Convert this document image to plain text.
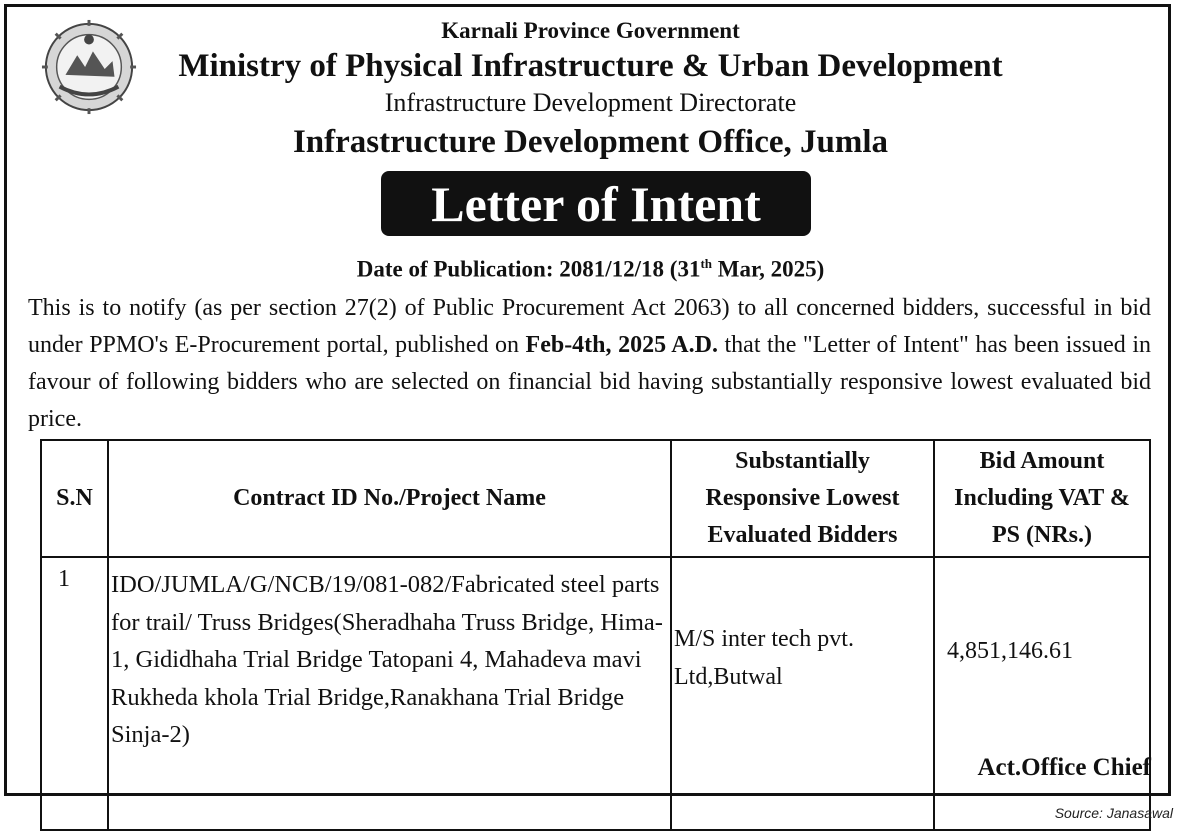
Karnali Province Government
Ministry of Physical Infrastructure & Urban Development
Infrastructure Development Directorate
Infrastructure Development Office, Jumla
Letter of Intent
Date of Publication: 2081/12/18 (31th Mar, 2025)
This is to notify (as per section 27(2) of Public Procurement Act 2063) to all concerned bidders, successful in bid under PPMO's E-Procurement portal, published on Feb-4th, 2025 A.D. that the "Letter of Intent" has been issued in favour of following bidders who are selected on financial bid having substantially responsive lowest evaluated bid price.
S.N	Contract ID No./Project Name	Substantially Responsive Lowest Evaluated Bidders	Bid Amount Including VAT & PS (NRs.)

1	IDO/JUMLA/G/NCB/19/081-082/Fabricated steel parts for trail/ Truss Bridges(Sheradhaha Truss Bridge, Hima-1, Gididhaha Trial Bridge Tatopani 4, Mahadeva mavi Rukheda khola Trial Bridge,Ranakhana Trial Bridge Sinja-2)	M/S inter tech pvt. Ltd,Butwal	4,851,146.61
Act.Office Chief
Source: Janasawal
